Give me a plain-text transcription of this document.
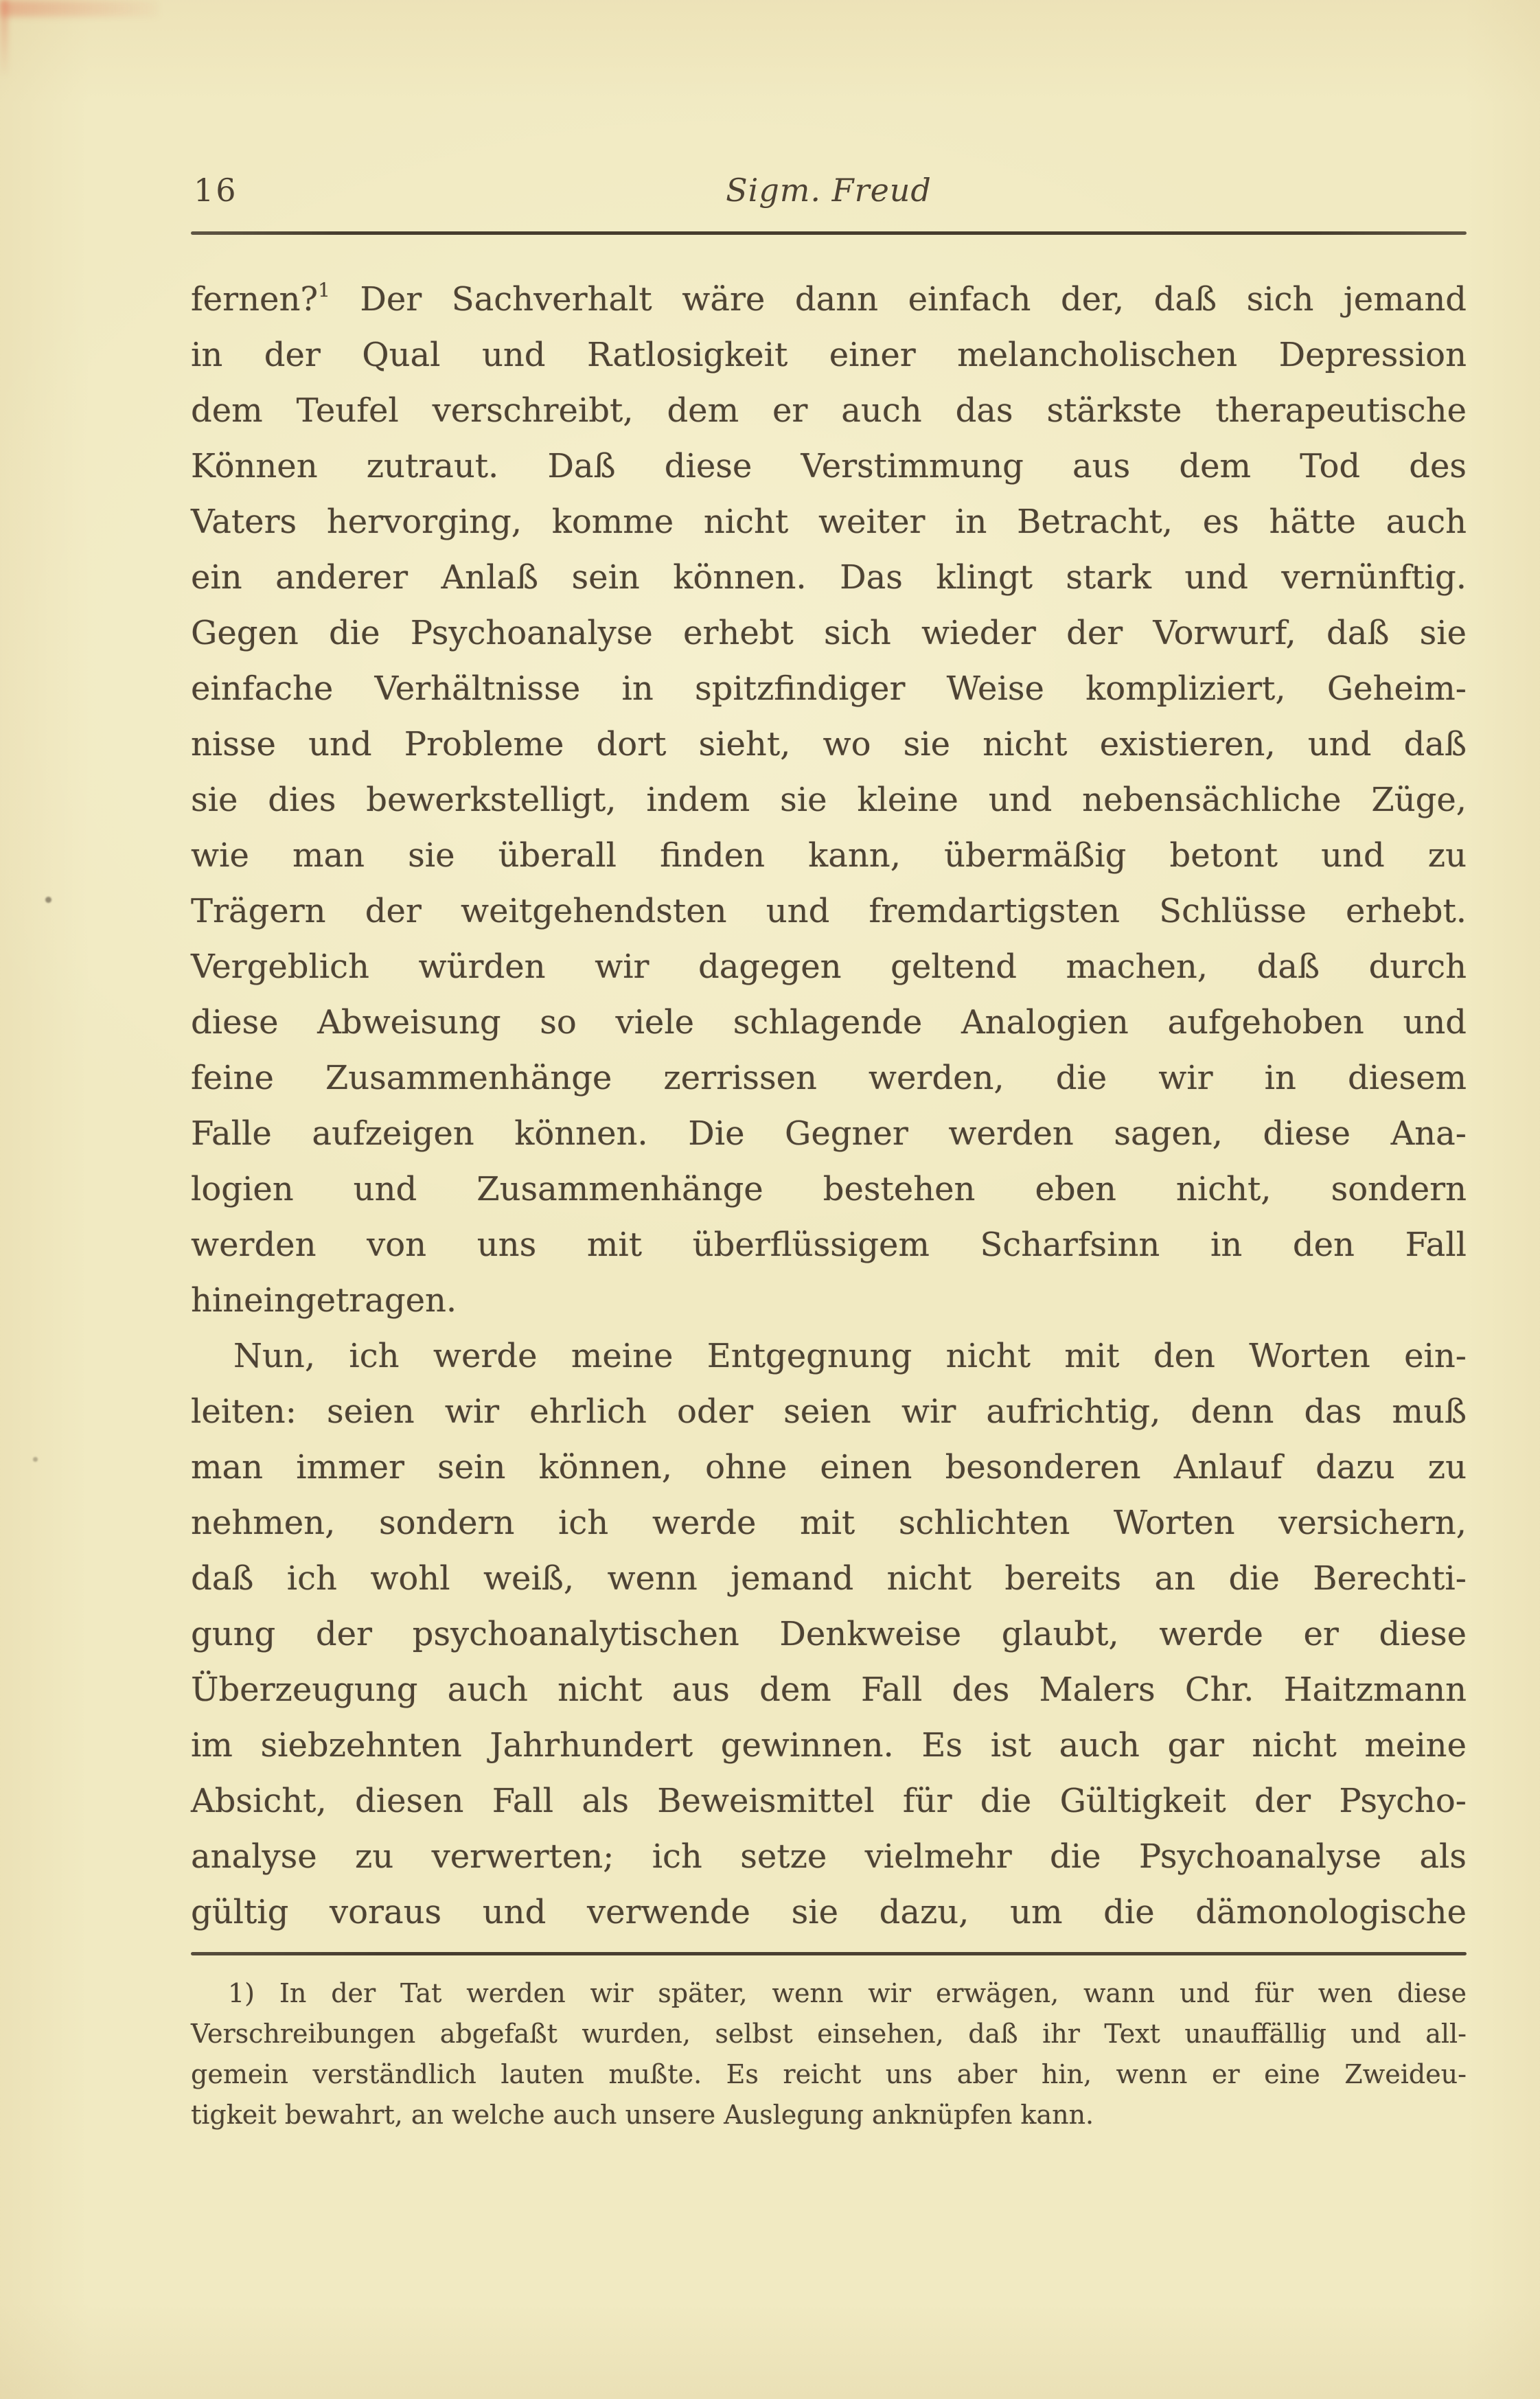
16	Sigm. Freud
fernen?$^1$ Der Sachverhalt wäre dann einfach der, daß sich jemand
in der Qual und Ratlosigkeit einer melancholischen Depression
dem Teufel verschreibt, dem er auch das stärkste therapeutische
Können zutraut. Daß diese Verstimmung aus dem Tod des
Vaters hervorging, komme nicht weiter in Betracht, es hätte auch
ein anderer Anlaß sein können. Das klingt stark und vernünftig.
Gegen die Psychoanalyse erhebt sich wieder der Vorwurf, daß sie
einfache Verhältnisse in spitzfindiger Weise kompliziert, Geheim-
nisse und Probleme dort sieht, wo sie nicht existieren, und daß
sie dies bewerkstelligt, indem sie kleine und nebensächliche Züge,
wie man sie überall finden kann, übermäßig betont und zu
Trägern der weitgehendsten und fremdartigsten Schlüsse erhebt.
Vergeblich würden wir dagegen geltend machen, daß durch
diese Abweisung so viele schlagende Analogien aufgehoben und
feine Zusammenhänge zerrissen werden, die wir in diesem
Falle aufzeigen können. Die Gegner werden sagen, diese Ana-
logien und Zusammenhänge bestehen eben nicht, sondern
werden von uns mit überflüssigem Scharfsinn in den Fall
hineingetragen.
Nun, ich werde meine Entgegnung nicht mit den Worten ein-
leiten: seien wir ehrlich oder seien wir aufrichtig, denn das muß
man immer sein können, ohne einen besonderen Anlauf dazu zu
nehmen, sondern ich werde mit schlichten Worten versichern,
daß ich wohl weiß, wenn jemand nicht bereits an die Berechti-
gung der psychoanalytischen Denkweise glaubt, werde er diese
Überzeugung auch nicht aus dem Fall des Malers Chr. Haitzmann
im siebzehnten Jahrhundert gewinnen. Es ist auch gar nicht meine
Absicht, diesen Fall als Beweismittel für die Gültigkeit der Psycho-
analyse zu verwerten; ich setze vielmehr die Psychoanalyse als
gültig voraus und verwende sie dazu, um die dämonologische
1) In der Tat werden wir später, wenn wir erwägen, wann und für wen diese
Verschreibungen abgefaßt wurden, selbst einsehen, daß ihr Text unauffällig und all-
gemein verständlich lauten mußte. Es reicht uns aber hin, wenn er eine Zweideu-
tigkeit bewahrt, an welche auch unsere Auslegung anknüpfen kann.
